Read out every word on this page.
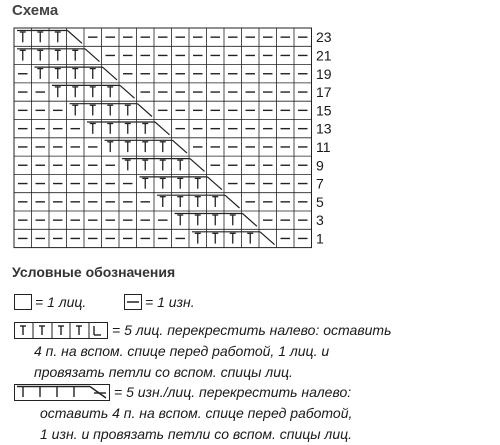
Схема
23
21
19
17
15
13
11
9
7
5
3
1
Условные обозначения
= 1 лиц.	= 1 изн.
= 5 лиц. перекрестить налево: оставить
4 п. на вспом. спице перед работой, 1 лиц. и
провязать петли со вспом. спицы лиц.
= 5 изн./лиц. перекрестить налево:
оставить 4 п. на вспом. спице перед работой,
1 изн. и провязать петли со вспом. спицы лиц.
